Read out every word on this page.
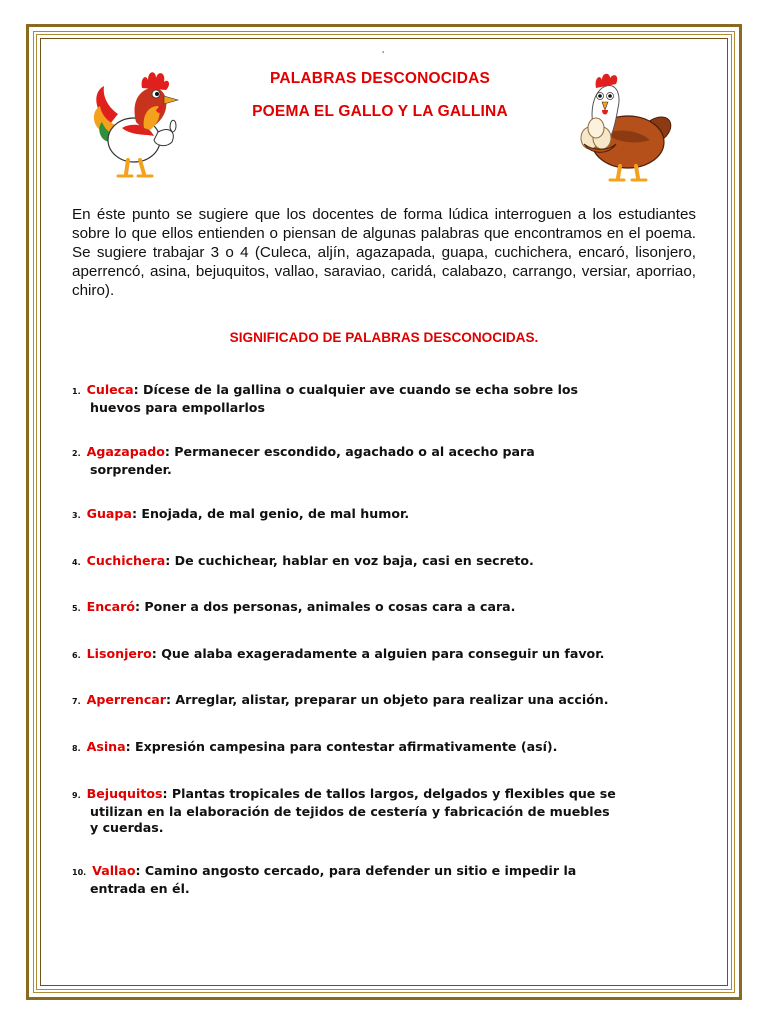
'
PALABRAS DESCONOCIDAS
POEMA EL GALLO Y LA GALLINA
En éste punto se sugiere que los docentes de forma lúdica interroguen a los estudiantes sobre lo que ellos entienden o piensan de algunas palabras que encontramos en el poema. Se sugiere trabajar 3 o 4 (Culeca, aljín, agazapada, guapa, cuchichera, encaró, lisonjero, aperrencó, asina, bejuquitos, vallao, saraviao, caridá, calabazo, carrango, versiar, aporriao, chiro).
SIGNIFICADO DE PALABRAS DESCONOCIDAS.
1. Culeca: Dícese de la gallina o cualquier ave cuando se echa sobre los
huevos para empollarlos
2. Agazapado: Permanecer escondido, agachado o al acecho para
sorprender.
3. Guapa: Enojada, de mal genio, de mal humor.
4. Cuchichera: De cuchichear, hablar en voz baja, casi en secreto.
5. Encaró: Poner a dos personas, animales o cosas cara a cara.
6. Lisonjero: Que alaba exageradamente a alguien para conseguir un favor.
7. Aperrencar: Arreglar, alistar, preparar un objeto para realizar una acción.
8. Asina: Expresión campesina para contestar afirmativamente (así).
9. Bejuquitos: Plantas tropicales de tallos largos, delgados y flexibles que se
utilizan en la elaboración de tejidos de cestería y fabricación de muebles
y cuerdas.
10. Vallao: Camino angosto cercado, para defender un sitio e impedir la
entrada en él.
